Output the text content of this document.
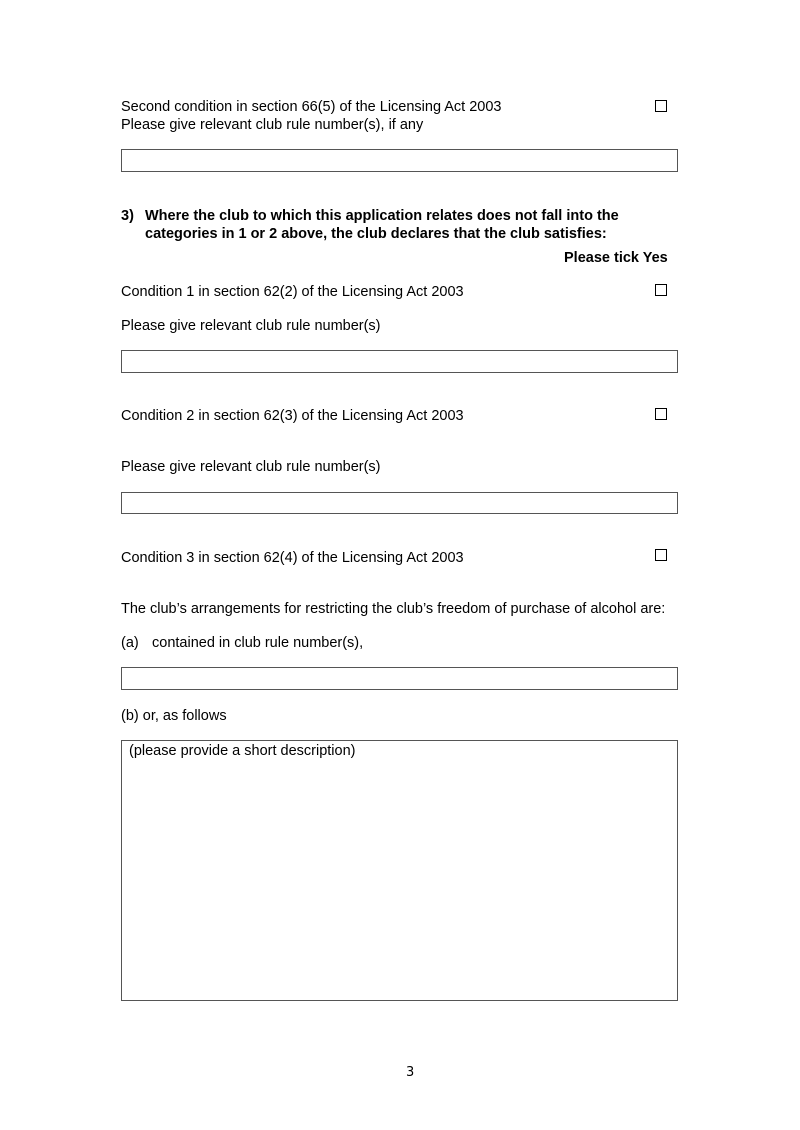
Second condition in section 66(5) of the Licensing Act 2003
Please give relevant club rule number(s), if any
3) Where the club to which this application relates does not fall into the
categories in 1 or 2 above, the club declares that the club satisfies:
Please tick Yes
Condition 1 in section 62(2) of the Licensing Act 2003
Please give relevant club rule number(s)
Condition 2 in section 62(3) of the Licensing Act 2003
Please give relevant club rule number(s)
Condition 3 in section 62(4) of the Licensing Act 2003
The club’s arrangements for restricting the club’s freedom of purchase of alcohol are:
(a) contained in club rule number(s),
(b) or, as follows
(please provide a short description)
3
